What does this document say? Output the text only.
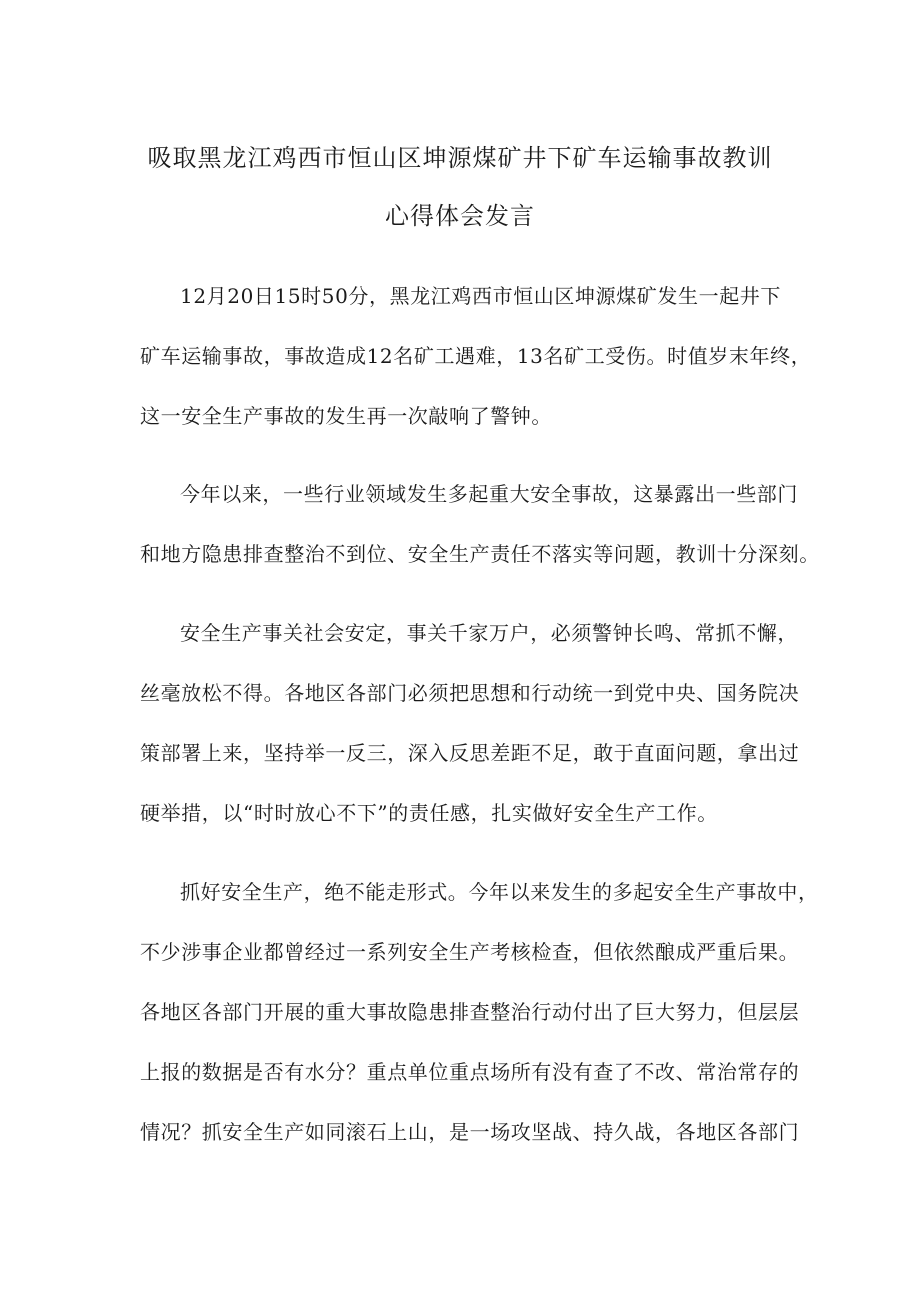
吸取黑龙江鸡西市恒山区坤源煤矿井下矿车运输事故教训
心得体会发言
12月20日15时50分，黑龙江鸡西市恒山区坤源煤矿发生一起井下
矿车运输事故，事故造成12名矿工遇难，13名矿工受伤。时值岁末年终，
这一安全生产事故的发生再一次敲响了警钟。
今年以来，一些行业领域发生多起重大安全事故，这暴露出一些部门
和地方隐患排查整治不到位、安全生产责任不落实等问题，教训十分深刻。
安全生产事关社会安定，事关千家万户，必须警钟长鸣、常抓不懈，
丝毫放松不得。各地区各部门必须把思想和行动统一到党中央、国务院决
策部署上来，坚持举一反三，深入反思差距不足，敢于直面问题，拿出过
硬举措，以“时时放心不下”的责任感，扎实做好安全生产工作。
抓好安全生产，绝不能走形式。今年以来发生的多起安全生产事故中，
不少涉事企业都曾经过一系列安全生产考核检查，但依然酿成严重后果。
各地区各部门开展的重大事故隐患排查整治行动付出了巨大努力，但层层
上报的数据是否有水分？重点单位重点场所有没有查了不改、常治常存的
情况？抓安全生产如同滚石上山，是一场攻坚战、持久战，各地区各部门
